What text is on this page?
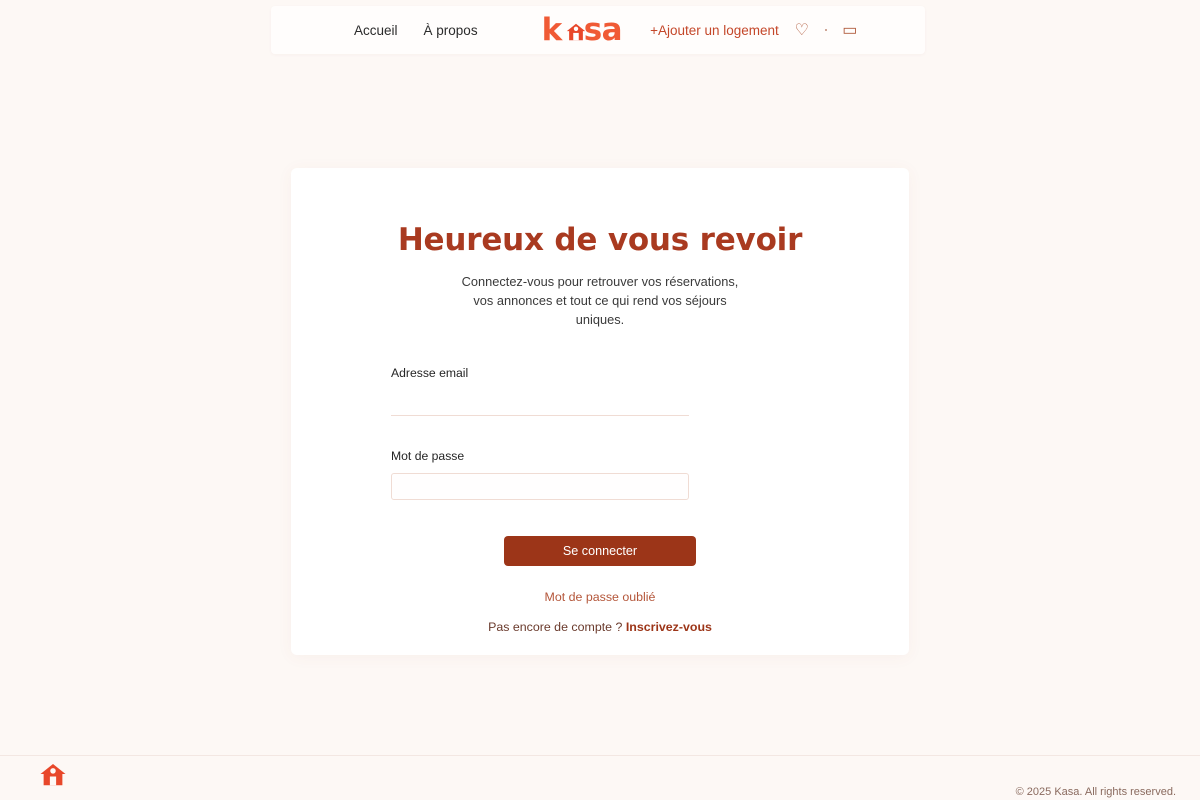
Accueil À propos k sa +Ajouter un logement ♡ ▭
Heureux de vous revoir

Connectez-vous pour retrouver vos réservations, vos annonces et tout ce qui rend vos séjours uniques.

Adresse email
Mot de passe
Se connecter
Mot de passe oublié
Pas encore de compte ? Inscrivez-vous
© 2025 Kasa. All rights reserved.
